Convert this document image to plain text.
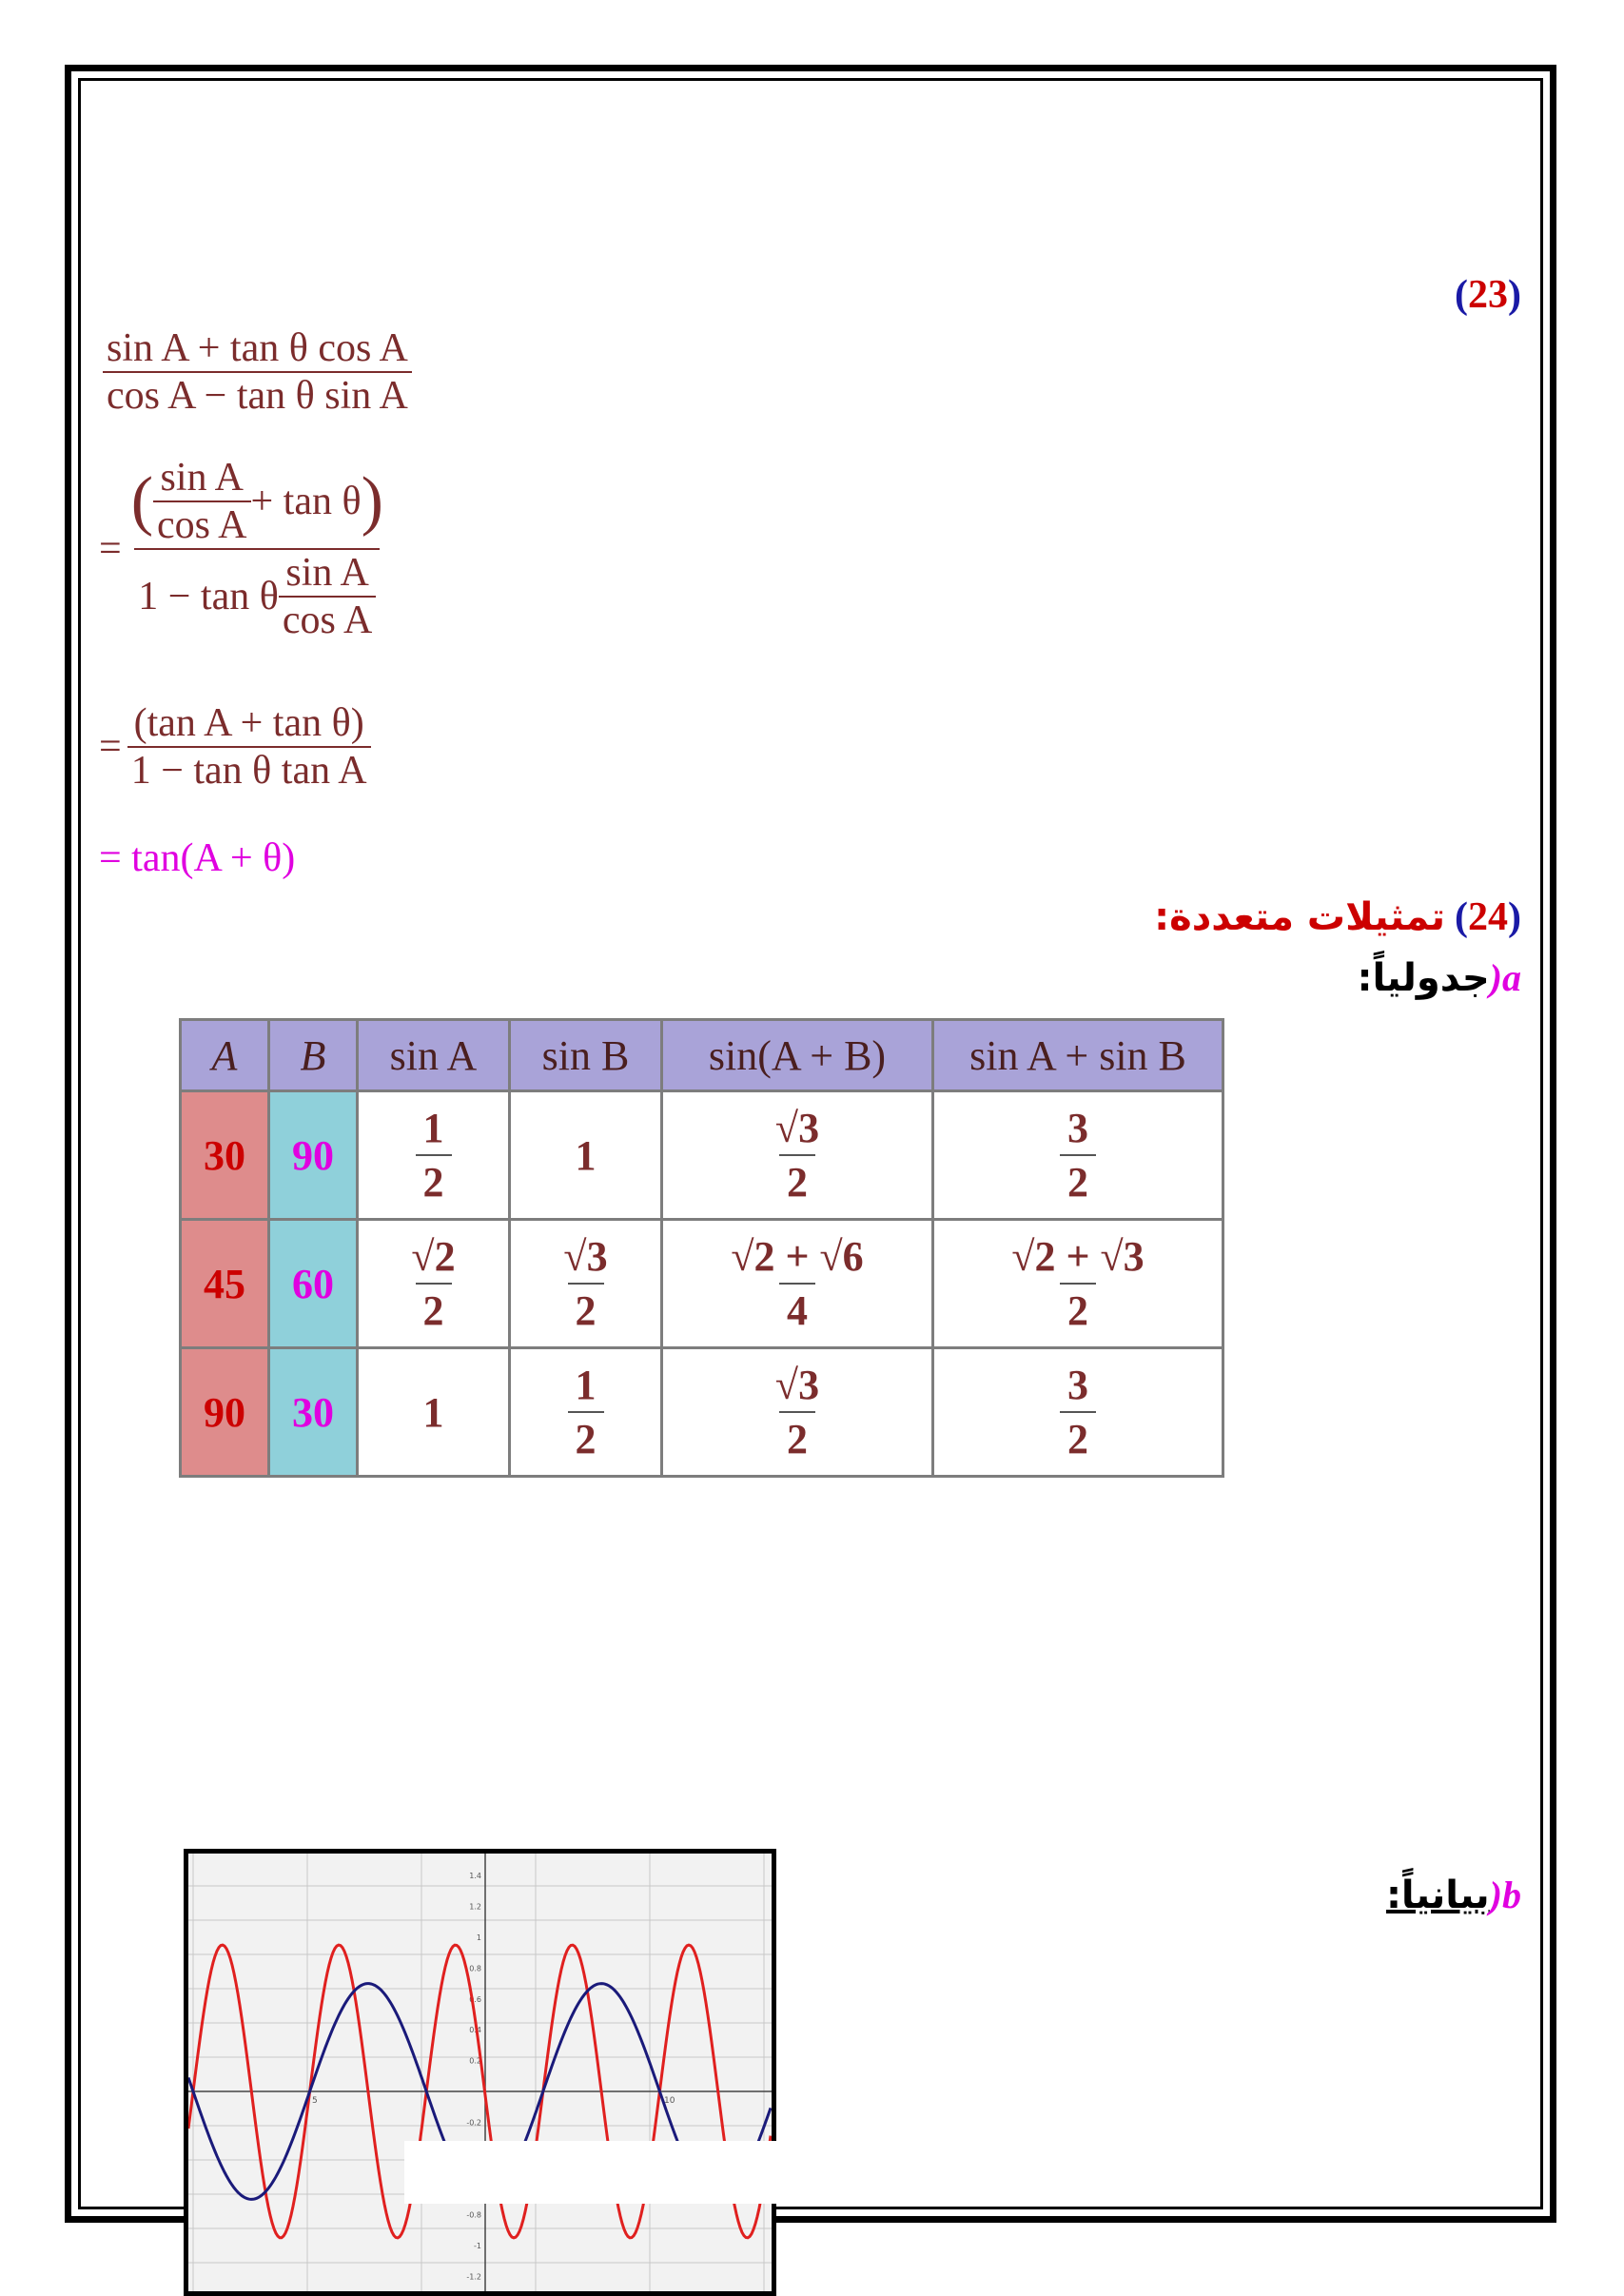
(23)
$\frac{\text{sin A + tan θ cos A}}{\text{cos A − tan θ sin A}}$
=
( $\frac{\text{sin A}}{\text{cos A}} + \tan \theta$ )
1 − tan θ $\frac{\text{sin A}}{\text{cos A}}$
= $\frac{\text{(tan A + tan θ)}}{\text{1 − tan θ tan A}}$
= tan(A + θ)
تمثيلات متعددة: (24)
جدولياً: ) a
A	B	sin A	sin B	sin(A + B)	sin A + sin B
30	90	$\frac{1}{2}$	1	$\frac{√3}{2}$	$\frac{3}{2}$

45	60	$\frac{√2}{2}$	$\frac{√3}{2}$	$\frac{√2 + √6}{4}$	$\frac{√2 + √3}{2}$

90	30	1	$\frac{1}{2}$	$\frac{√3}{2}$	$\frac{3}{2}$
بيانياً: ) b
1.4
1.2
1
0.8
0.6
0.4
0.2
-0.2
-0.8
-1
-1.2
5	10
